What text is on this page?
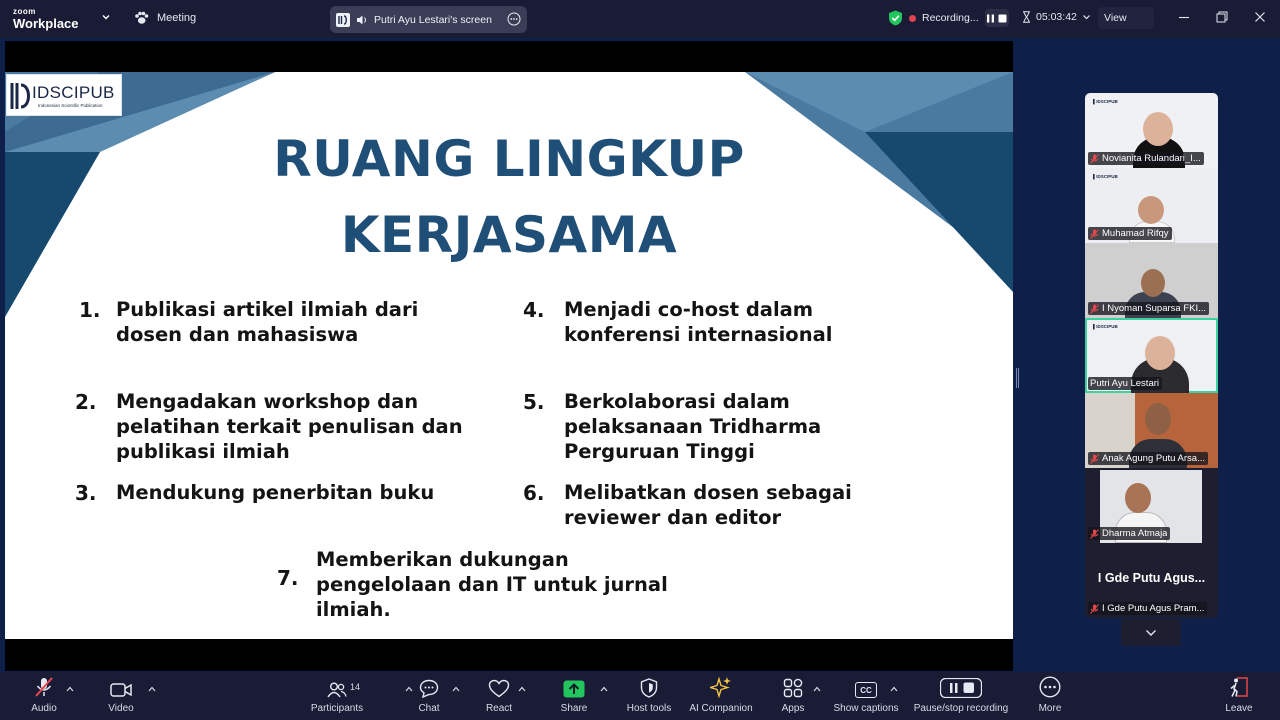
zoom
Workplace	Meeting	Putri Ayu Lestari's screen	Recording...	05:03:42	View
IDSCIPUB
Indonesian Scientific Publication
RUANG LINGKUP
KERJASAMA
1. Publikasi artikel ilmiah dari dosen dan mahasiswa
2. Mengadakan workshop dan pelatihan terkait penulisan dan publikasi ilmiah
3. Mendukung penerbitan buku
4. Menjadi co-host dalam konferensi internasional
5. Berkolaborasi dalam pelaksanaan Tridharma Perguruan Tinggi
6. Melibatkan dosen sebagai reviewer dan editor
7.
Memberikan dukungan pengelolaan dan IT untuk jurnal ilmiah.
▌IDSCIPUB
Novianita Rulandari_I...
▌IDSCIPUB
Muhamad Rifqy
I Nyoman Suparsa FKI...
▌IDSCIPUB
Putri Ayu Lestari
Anak Agung Putu Arsa...
Dharma Atmaja
I Gde Putu Agus Pram...
I Gde Putu Agus...
Audio	Video	Participants
14
Chat	React	Share	Host tools AI Companion	Apps
CC
Show captions Pause/stop recording	More	Leave
